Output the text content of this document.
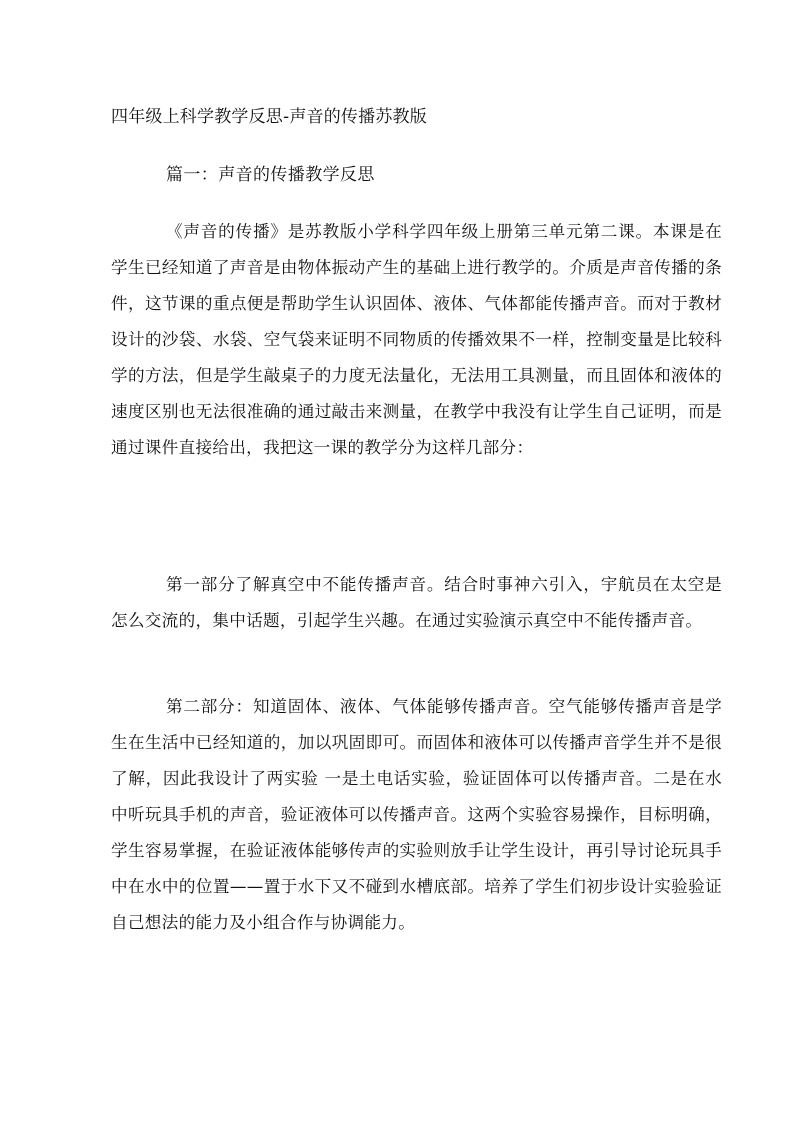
四年级上科学教学反思-声音的传播苏教版
篇一：声音的传播教学反思

《声音的传播》是苏教版小学科学四年级上册第三单元第二课。本课是在学生已经知道了声音是由物体振动产生的基础上进行教学的。介质是声音传播的条件，这节课的重点便是帮助学生认识固体、液体、气体都能传播声音。而对于教材设计的沙袋、水袋、空气袋来证明不同物质的传播效果不一样，控制变量是比较科学的方法，但是学生敲桌子的力度无法量化，无法用工具测量，而且固体和液体的速度区别也无法很准确的通过敲击来测量，在教学中我没有让学生自己证明，而是通过课件直接给出，我把这一课的教学分为这样几部分：

第一部分了解真空中不能传播声音。结合时事神六引入，宇航员在太空是怎么交流的，集中话题，引起学生兴趣。在通过实验演示真空中不能传播声音。

第二部分：知道固体、液体、气体能够传播声音。空气能够传播声音是学生在生活中已经知道的，加以巩固即可。而固体和液体可以传播声音学生并不是很了解，因此我设计了两实验 一是土电话实验，验证固体可以传播声音。二是在水中听玩具手机的声音，验证液体可以传播声音。这两个实验容易操作，目标明确，学生容易掌握，在验证液体能够传声的实验则放手让学生设计，再引导讨论玩具手中在水中的位置——置于水下又不碰到水槽底部。培养了学生们初步设计实验验证自己想法的能力及小组合作与协调能力。
